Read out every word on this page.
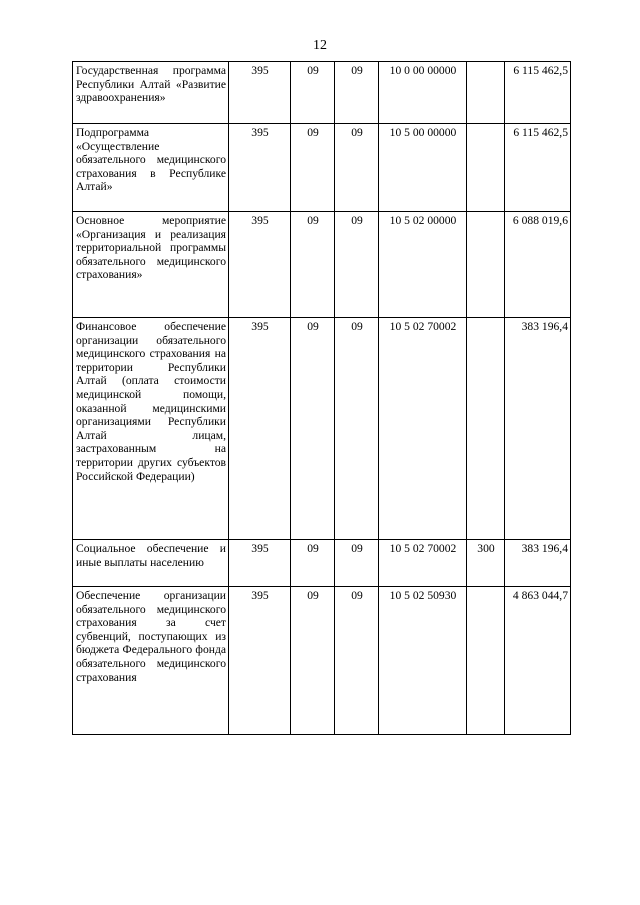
12
Государственная программа Республики Алтай «Развитие здравоохранения»	395	09	09	10 0 00 00000		6 115 462,5
Подпрограмма «Осуществление обязательного медицинского страхования в Республике Алтай»	395	09	09	10 5 00 00000		6 115 462,5
Основное мероприятие «Организация и реализация территориальной программы обязательного медицинского страхования»	395	09	09	10 5 02 00000		6 088 019,6
Финансовое обеспечение организации обязательного медицинского страхования на территории Республики Алтай (оплата стоимости медицинской помощи, оказанной медицинскими организациями Республики Алтай лицам, застрахованным на территории других субъектов Российской Федерации)	395	09	09	10 5 02 70002		383 196,4
Социальное обеспечение и иные выплаты населению	395	09	09	10 5 02 70002	300	383 196,4
Обеспечение организации обязательного медицинского страхования за счет субвенций, поступающих из бюджета Федерального фонда обязательного медицинского страхования	395	09	09	10 5 02 50930		4 863 044,7
